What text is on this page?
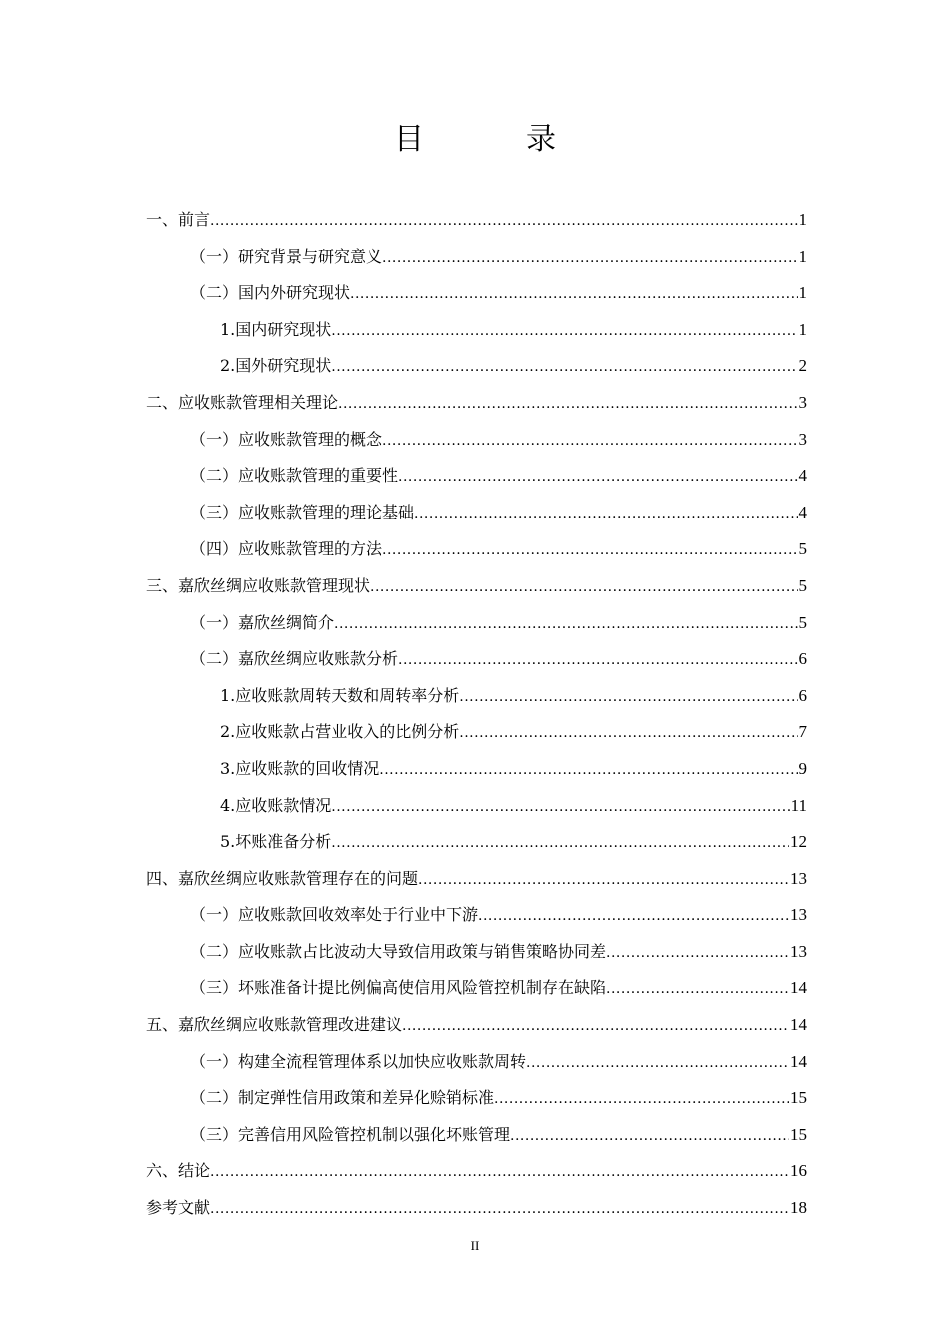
目　录
一、 前言 .....	1
（一） 研究背景与研究意义 .....	1
（二） 国内外研究现状 .....	1
1. 国内研究现状 .....	1
2. 国外研究现状 .....	2
二、 应收账款管理相关理论 .....	3
（一） 应收账款管理的概念 .....	3
（二） 应收账款管理的重要性 .....	4
（三） 应收账款管理的理论基础 .....	4
（四） 应收账款管理的方法 .....	5
三、 嘉欣丝绸应收账款管理现状 .....	5
（一） 嘉欣丝绸简介 .....	5
（二） 嘉欣丝绸应收账款分析 .....	6
1. 应收账款周转天数和周转率分析 .....	6
2. 应收账款占营业收入的比例分析 .....	7
3. 应收账款的回收情况 .....	9
4. 应收账款情况 .....	11
5. 坏账准备分析 .....	12
四、 嘉欣丝绸应收账款管理存在的问题 .....	13
（一） 应收账款回收效率处于行业中下游 .....	13
（二） 应收账款占比波动大导致信用政策与销售策略协同差 .....	13
（三） 坏账准备计提比例偏高使信用风险管控机制存在缺陷 .....	14
五、 嘉欣丝绸应收账款管理改进建议 .....	14
（一） 构建全流程管理体系以加快应收账款周转 .....	14
（二） 制定弹性信用政策和差异化赊销标准 .....	15
（三） 完善信用风险管控机制以强化坏账管理 .....	15
六、 结论 .....	16
参考文献 .....	18
II
